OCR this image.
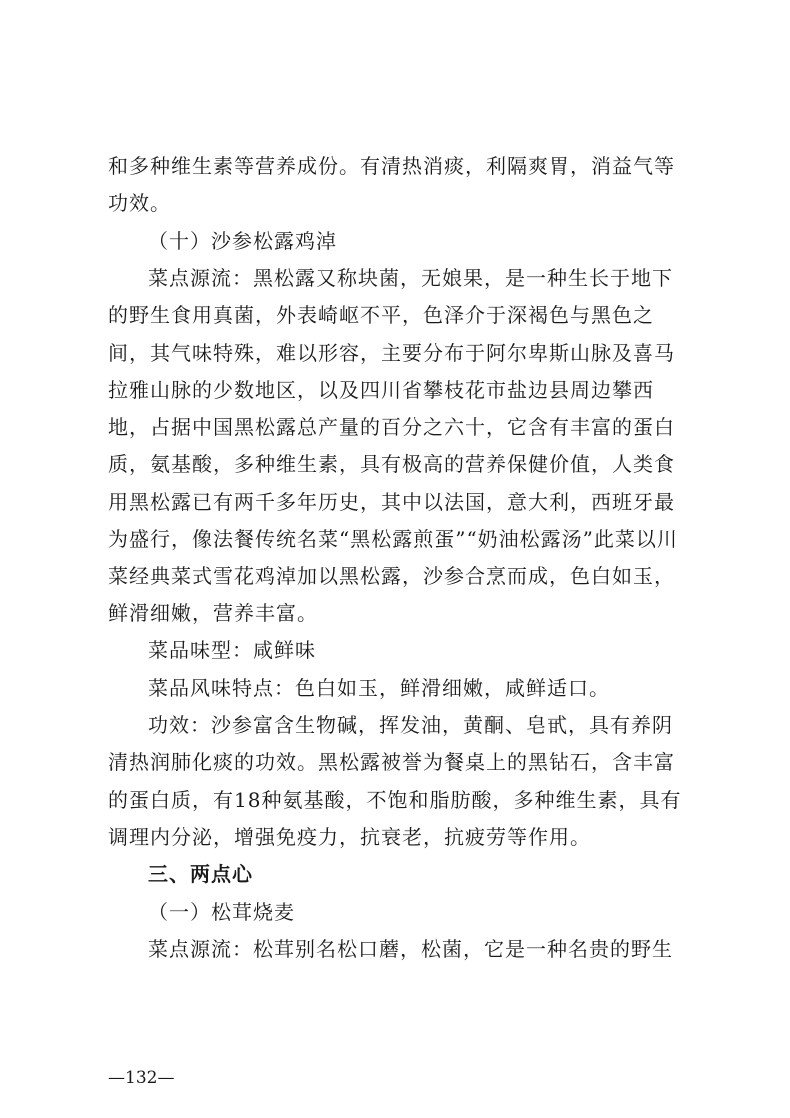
和多种维生素等营养成份。有清热消痰，利隔爽胃，消益气等
功效。
（十）沙参松露鸡淖
菜点源流：黑松露又称块菌，无娘果，是一种生长于地下
的野生食用真菌，外表崎岖不平，色泽介于深褐色与黑色之
间，其气味特殊，难以形容，主要分布于阿尔卑斯山脉及喜马
拉雅山脉的少数地区，以及四川省攀枝花市盐边县周边攀西
地，占据中国黑松露总产量的百分之六十，它含有丰富的蛋白
质，氨基酸，多种维生素，具有极高的营养保健价值，人类食
用黑松露已有两千多年历史，其中以法国，意大利，西班牙最
为盛行，像法餐传统名菜“黑松露煎蛋”“奶油松露汤”此菜以川
菜经典菜式雪花鸡淖加以黑松露，沙参合烹而成，色白如玉，
鲜滑细嫩，营养丰富。
菜品味型：咸鲜味
菜品风味特点：色白如玉，鲜滑细嫩，咸鲜适口。
功效：沙参富含生物碱，挥发油，黄酮、皂甙，具有养阴
清热润肺化痰的功效。黑松露被誉为餐桌上的黑钻石，含丰富
的蛋白质，有18种氨基酸，不饱和脂肪酸，多种维生素，具有
调理内分泌，增强免疫力，抗衰老，抗疲劳等作用。
三、两点心
（一）松茸烧麦
菜点源流：松茸别名松口蘑，松菌，它是一种名贵的野生
—132—
